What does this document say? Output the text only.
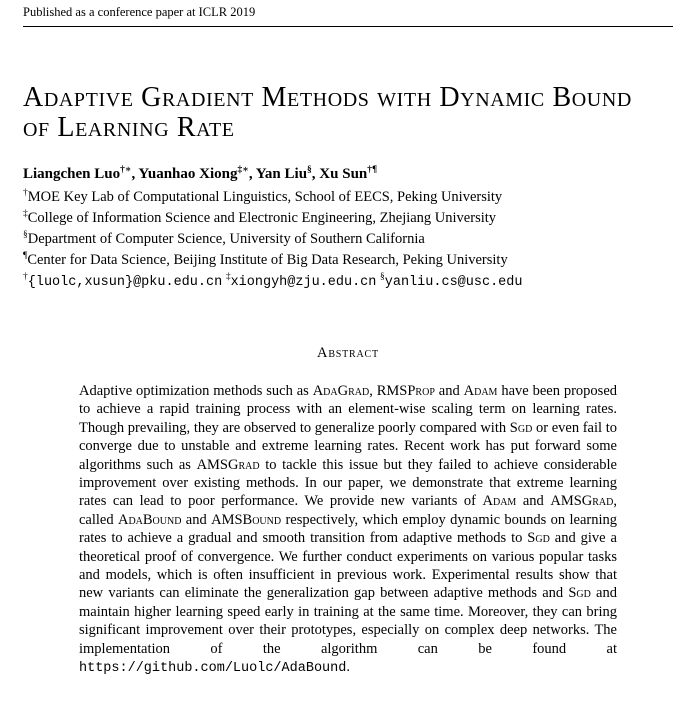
Published as a conference paper at ICLR 2019
Adaptive Gradient Methods with Dynamic Bound of Learning Rate
Liangchen Luo†∗, Yuanhao Xiong‡∗, Yan Liu§, Xu Sun†¶
†MOE Key Lab of Computational Linguistics, School of EECS, Peking University
‡College of Information Science and Electronic Engineering, Zhejiang University
§Department of Computer Science, University of Southern California
¶Center for Data Science, Beijing Institute of Big Data Research, Peking University
†{luolc,xusun}@pku.edu.cn ‡xiongyh@zju.edu.cn §yanliu.cs@usc.edu
Abstract

Adaptive optimization methods such as AdaGrad, RMSProp and Adam have been proposed to achieve a rapid training process with an element-wise scaling term on learning rates. Though prevailing, they are observed to generalize poorly compared with Sgd or even fail to converge due to unstable and extreme learning rates. Recent work has put forward some algorithms such as AMSGrad to tackle this issue but they failed to achieve considerable improvement over existing methods. In our paper, we demonstrate that extreme learning rates can lead to poor performance. We provide new variants of Adam and AMSGrad, called AdaBound and AMSBound respectively, which employ dynamic bounds on learning rates to achieve a gradual and smooth transition from adaptive methods to Sgd and give a theoretical proof of convergence. We further conduct experiments on various popular tasks and models, which is often insufficient in previous work. Experimental results show that new variants can eliminate the generalization gap between adaptive methods and Sgd and maintain higher learning speed early in training at the same time. Moreover, they can bring significant improvement over their prototypes, especially on complex deep networks. The implementation of the algorithm can be found at https://github.com/Luolc/AdaBound.
